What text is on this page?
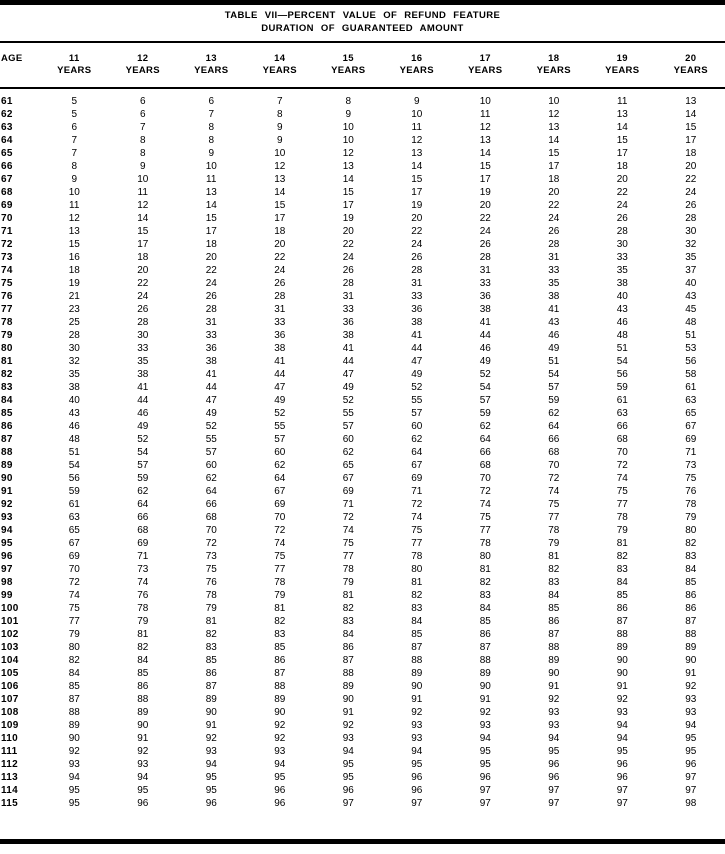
TABLE VII—PERCENT VALUE OF REFUND FEATURE
DURATION OF GUARANTEED AMOUNT
AGE	11	12	13	14	15	16	17	18	19	20
	YEARS	YEARS	YEARS	YEARS	YEARS	YEARS	YEARS	YEARS	YEARS	YEARS

61	5	6	6	7	8	9	10	10	11	13
62	5	6	7	8	9	10	11	12	13	14
63	6	7	8	9	10	11	12	13	14	15
64	7	8	8	9	10	12	13	14	15	17
65	7	8	9	10	12	13	14	15	17	18
66	8	9	10	12	13	14	15	17	18	20
67	9	10	11	13	14	15	17	18	20	22
68	10	11	13	14	15	17	19	20	22	24
69	11	12	14	15	17	19	20	22	24	26
70	12	14	15	17	19	20	22	24	26	28
71	13	15	17	18	20	22	24	26	28	30
72	15	17	18	20	22	24	26	28	30	32
73	16	18	20	22	24	26	28	31	33	35
74	18	20	22	24	26	28	31	33	35	37
75	19	22	24	26	28	31	33	35	38	40
76	21	24	26	28	31	33	36	38	40	43
77	23	26	28	31	33	36	38	41	43	45
78	25	28	31	33	36	38	41	43	46	48
79	28	30	33	36	38	41	44	46	48	51
80	30	33	36	38	41	44	46	49	51	53
81	32	35	38	41	44	47	49	51	54	56
82	35	38	41	44	47	49	52	54	56	58
83	38	41	44	47	49	52	54	57	59	61
84	40	44	47	49	52	55	57	59	61	63
85	43	46	49	52	55	57	59	62	63	65
86	46	49	52	55	57	60	62	64	66	67
87	48	52	55	57	60	62	64	66	68	69
88	51	54	57	60	62	64	66	68	70	71
89	54	57	60	62	65	67	68	70	72	73
90	56	59	62	64	67	69	70	72	74	75
91	59	62	64	67	69	71	72	74	75	76
92	61	64	66	69	71	72	74	75	77	78
93	63	66	68	70	72	74	75	77	78	79
94	65	68	70	72	74	75	77	78	79	80
95	67	69	72	74	75	77	78	79	81	82
96	69	71	73	75	77	78	80	81	82	83
97	70	73	75	77	78	80	81	82	83	84
98	72	74	76	78	79	81	82	83	84	85
99	74	76	78	79	81	82	83	84	85	86
100	75	78	79	81	82	83	84	85	86	86
101	77	79	81	82	83	84	85	86	87	87
102	79	81	82	83	84	85	86	87	88	88
103	80	82	83	85	86	87	87	88	89	89
104	82	84	85	86	87	88	88	89	90	90
105	84	85	86	87	88	89	89	90	90	91
106	85	86	87	88	89	90	90	91	91	92
107	87	88	89	89	90	91	91	92	92	93
108	88	89	90	90	91	92	92	93	93	93
109	89	90	91	92	92	93	93	93	94	94
110	90	91	92	92	93	93	94	94	94	95
111	92	92	93	93	94	94	95	95	95	95
112	93	93	94	94	95	95	95	96	96	96
113	94	94	95	95	95	96	96	96	96	97
114	95	95	95	96	96	96	97	97	97	97
115	95	96	96	96	97	97	97	97	97	98
